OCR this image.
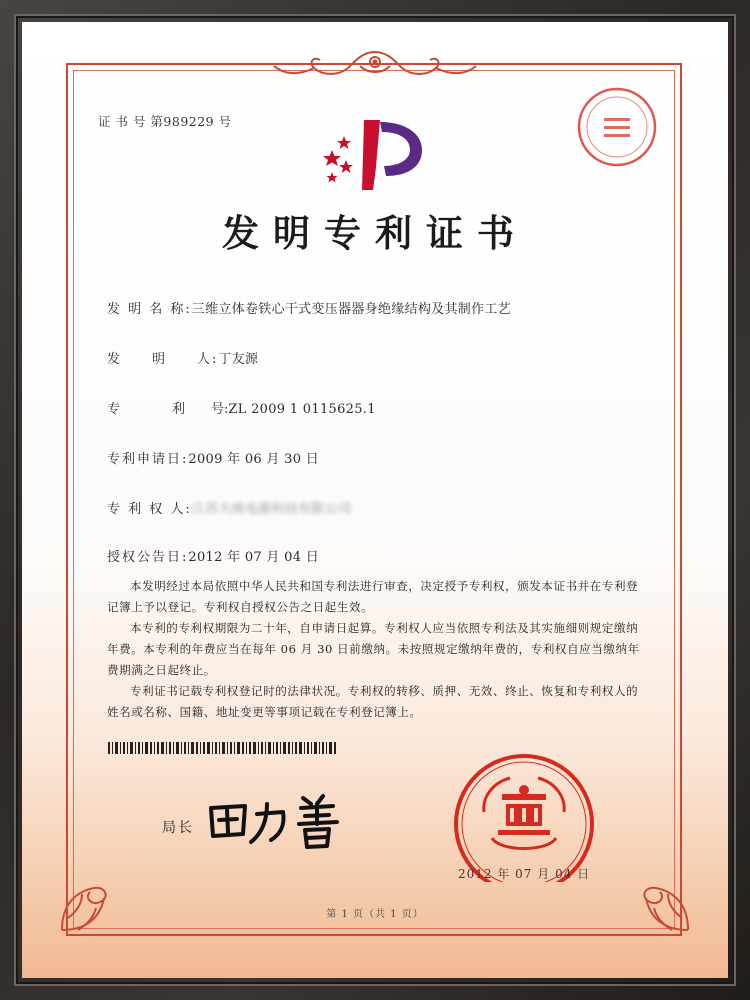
证 书 号 第989229 号
发明专利证书
发 明 名 称:三维立体卷铁心干式变压器器身绝缘结构及其制作工艺
发　　明　　人:丁友源
专　　　　利　　号:ZL 2009 1 0115625.1
专利申请日:2009 年 06 月 30 日
专 利 权 人:江苏大统电源科技有限公司
授权公告日:2012 年 07 月 04 日

本发明经过本局依照中华人民共和国专利法进行审查，决定授予专利权，颁发本证书并在专利登记簿上予以登记。专利权自授权公告之日起生效。

本专利的专利权期限为二十年，自申请日起算。专利权人应当依照专利法及其实施细则规定缴纳年费。本专利的年费应当在每年 06 月 30 日前缴纳。未按照规定缴纳年费的，专利权自应当缴纳年费期满之日起终止。

专利证书记载专利权登记时的法律状况。专利权的转移、质押、无效、终止、恢复和专利权人的姓名或名称、国籍、地址变更等事项记载在专利登记簿上。

局长
2012 年 07 月 04 日
第 1 页（共 1 页）
